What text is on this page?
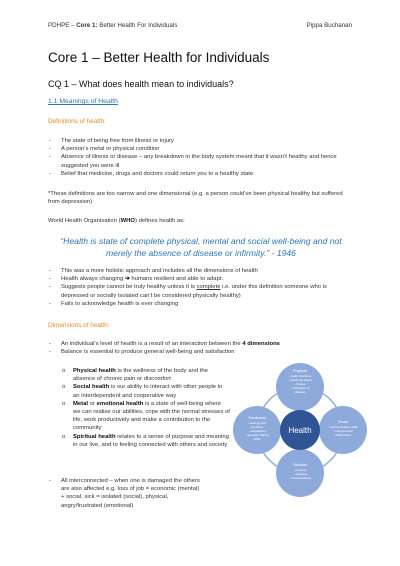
PDHPE – Core 1: Better Health For Individuals	Pippa Buchanan
Core 1 – Better Health for Individuals
CQ 1 – What does health mean to individuals?
1.1 Meanings of Health
Definitions of health:
- The state of being free from illness or injury
- A person’s metal or physical condition
- Absence of illness or disease – any breakdown in the body system meant that it wasn’t healthy and hence suggested you were ill
- Belief that medicine, drugs and doctors could return you to a healthy state
*These definitions are too narrow and one dimensional (e.g. a person could’ve been physical healthy but suffered from depression)
World Health Organisation (WHO) defines health as:
“Health is state of complete physical, mental and social well-being and not merely the absence of disease or infirmity.” - 1946
- This was a more holistic approach and includes all the dimensions of health
- Health always changing ➔ humans resilient and able to adapt.
- Suggests people cannot be truly healthy unless it is complete i.e. under this definition someone who is depressed or socially isolated can’t be considered physically healthy)
- Fails to acknowledge health is ever changing
Dimensions of health:
- An individual’s level of health is a result of an interaction between the 4 dimensions
- Balance is essential to produce general well-being and satisfaction
o Physical health is the wellness of the body and the absence of chronic pain or discomfort
o Social health is our ability to interact with other people in an interdependent and cooperative way
o Metal or emotional health is a state of well-being where we can realise our abilities, cope with the normal stresses of life, work productively and make a contribution to the community
o Spiritual health relates to a sense of purpose and meaning in our live, and to feeling connected with others and society
- All interconnected – when one is damaged the others are also affected e.g. loss of job = economic (mental) + social, sick = isolated (social), physical, angry/frustrated (emotional)
Physical
- bodily functions
- nutritional status
- fitness
- resistance to
disease
Social
- communication skills
- interpersonal
relationships
Spiritual
- purpose
- meaning
- connectedness
Emotional
- feelings and
emotions
- adaptations
- decision making
skills
Health
